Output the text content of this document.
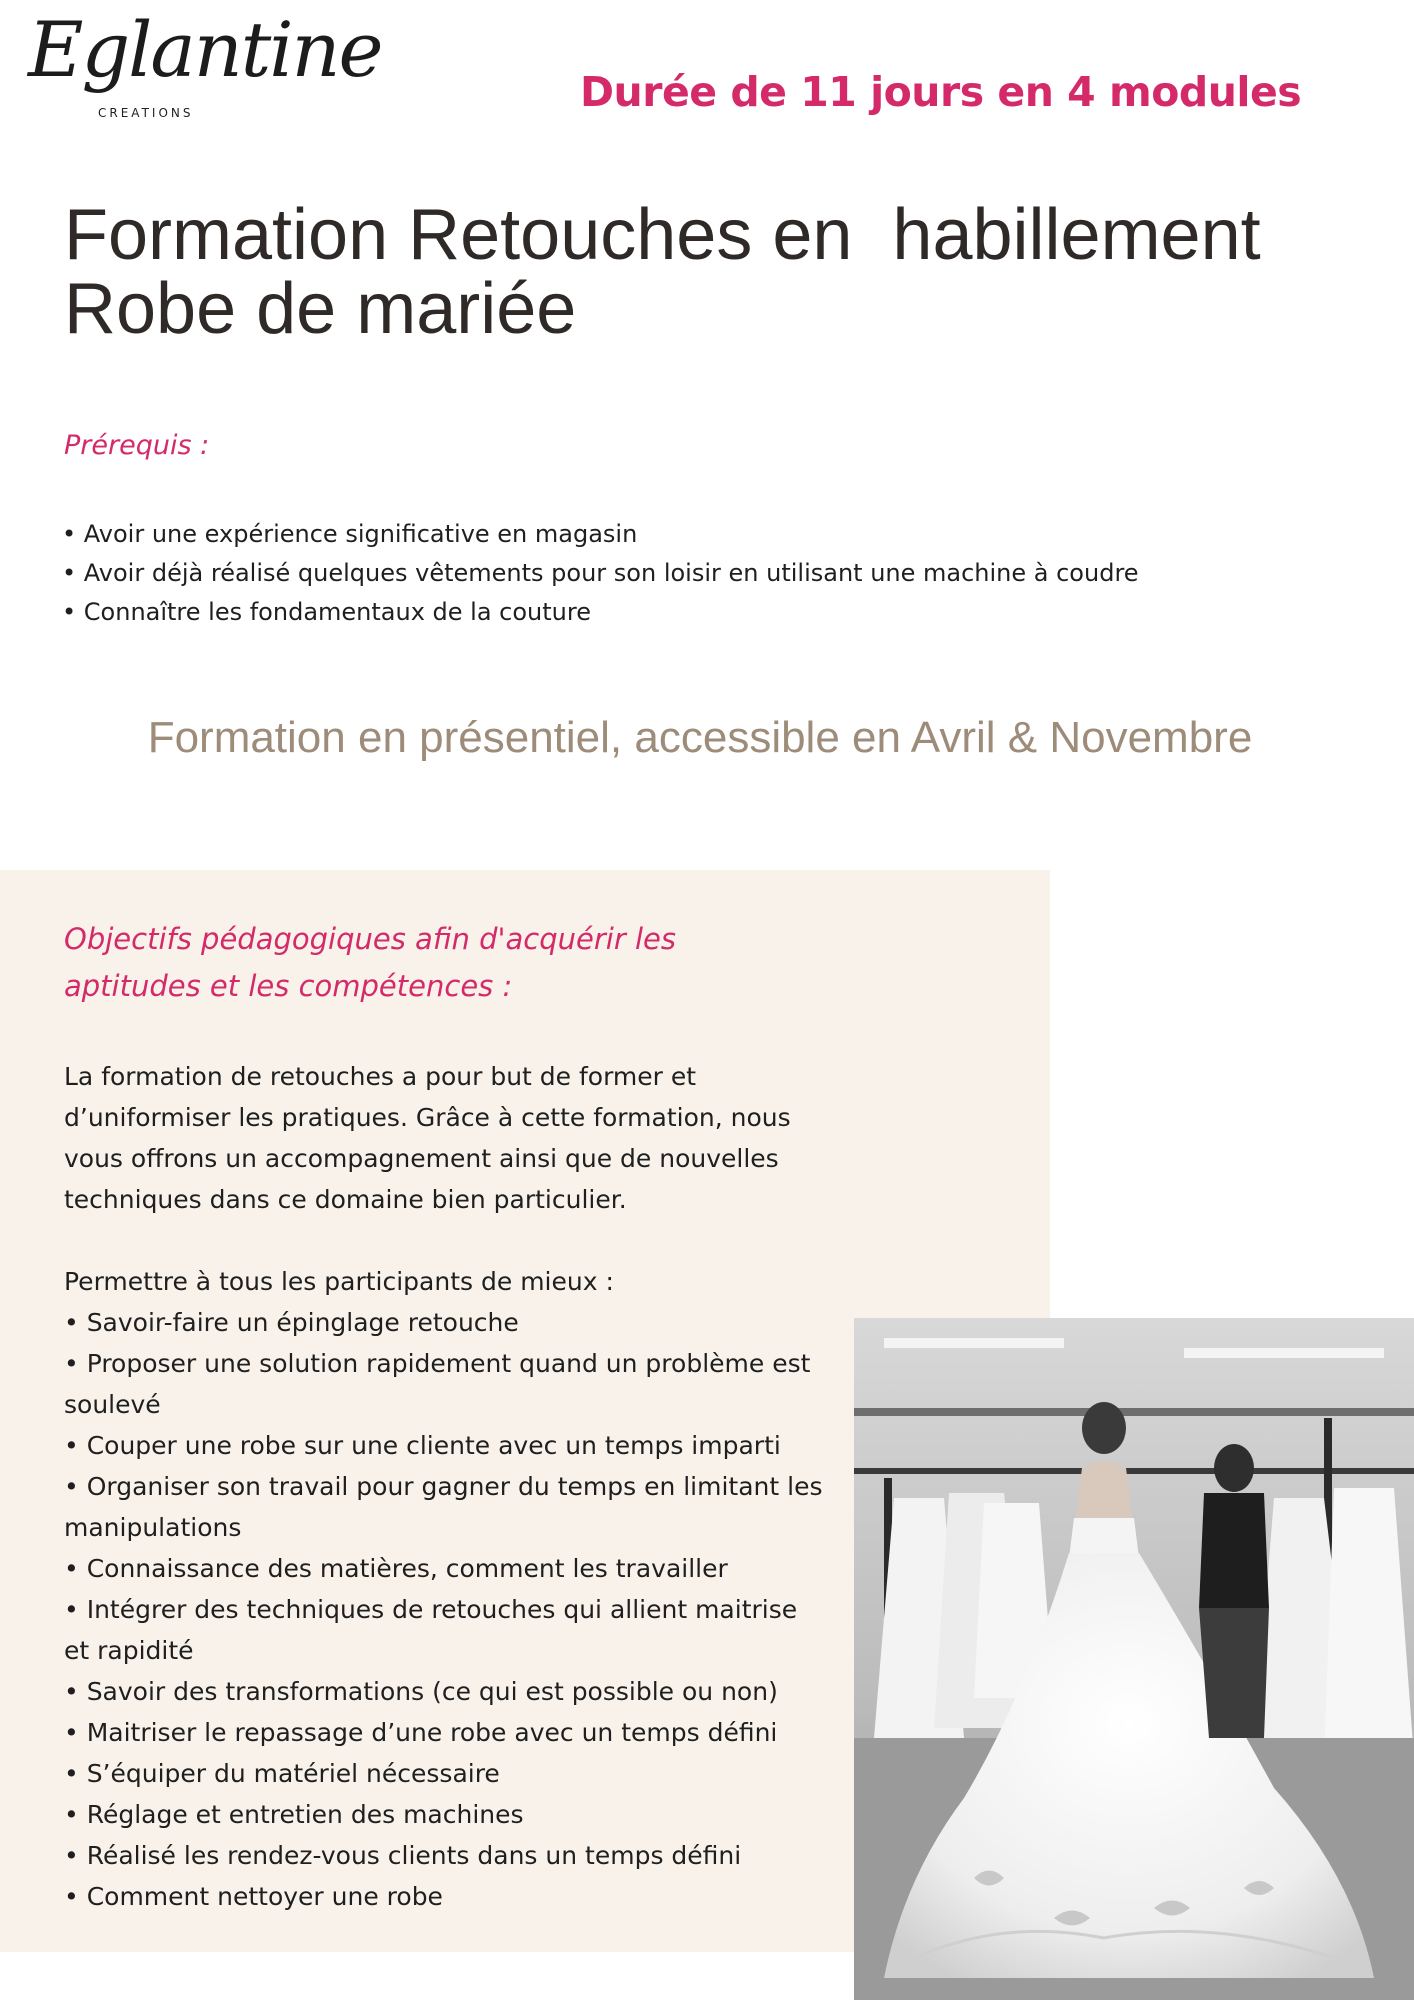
Eglantine
CREATIONS	Durée de 11 jours en 4 modules
Formation Retouches en  habillement
Robe de mariée
Prérequis :
• Avoir une expérience significative en magasin
• Avoir déjà réalisé quelques vêtements pour son loisir en utilisant une machine à coudre
• Connaître les fondamentaux de la couture
Formation en présentiel, accessible en Avril & Novembre
Objectifs pédagogiques afin d'acquérir les
aptitudes et les compétences :

La formation de retouches a pour but de former et

d’uniformiser les pratiques. Grâce à cette formation, nous

vous offrons un accompagnement ainsi que de nouvelles

techniques dans ce domaine bien particulier.

Permettre à tous les participants de mieux :

• Savoir-faire un épinglage retouche

• Proposer une solution rapidement quand un problème est soulevé

• Couper une robe sur une cliente avec un temps imparti

• Organiser son travail pour gagner du temps en limitant les manipulations

• Connaissance des matières, comment les travailler

• Intégrer des techniques de retouches qui allient maitrise et rapidité

• Savoir des transformations (ce qui est possible ou non)

• Maitriser le repassage d’une robe avec un temps défini

• S’équiper du matériel nécessaire

• Réglage et entretien des machines

• Réalisé les rendez-vous clients dans un temps défini

• Comment nettoyer une robe
